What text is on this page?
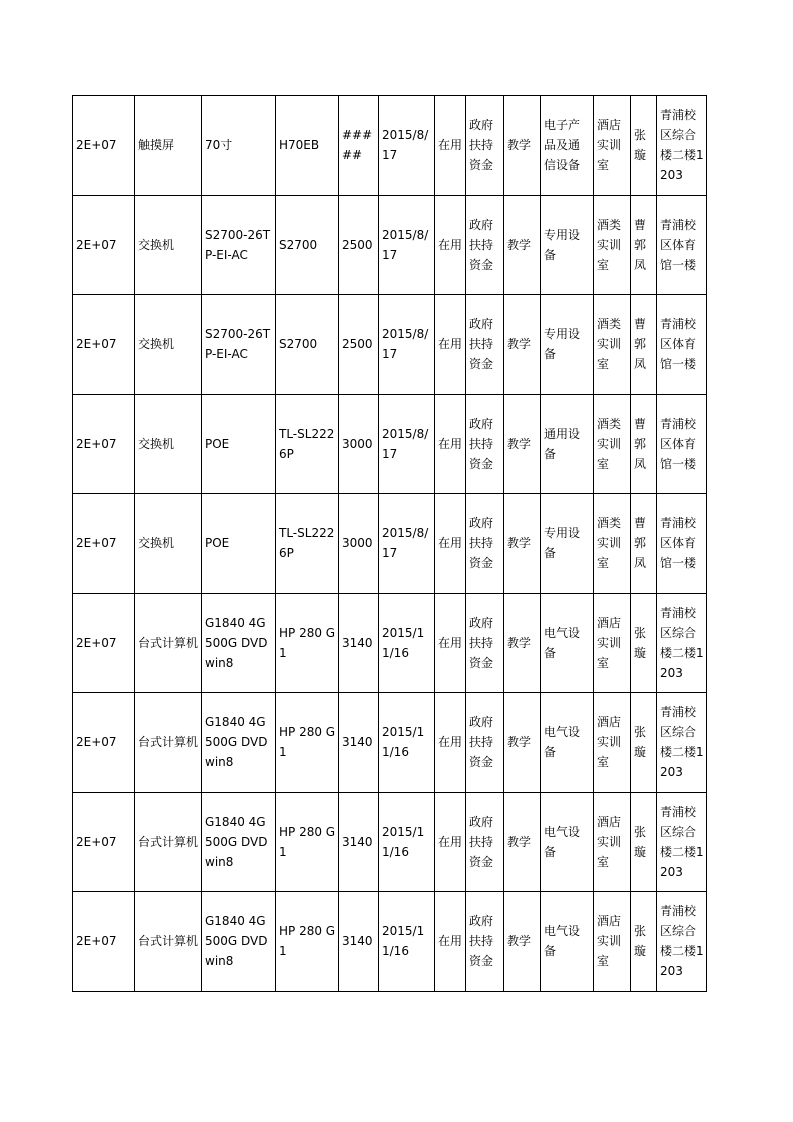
2E+07	触摸屏	70寸	H70EB	#####	2015/8/17	在用	政府扶持资金	教学	电子产品及通信设备	酒店实训室	张璇	青浦校区综合楼二楼1203
2E+07	交换机	S2700-26TP-EI-AC	S2700	2500	2015/8/17	在用	政府扶持资金	教学	专用设备	酒类实训室	曹郭凤	青浦校区体育馆一楼
2E+07	交换机	S2700-26TP-EI-AC	S2700	2500	2015/8/17	在用	政府扶持资金	教学	专用设备	酒类实训室	曹郭凤	青浦校区体育馆一楼
2E+07	交换机	POE	TL-SL2226P	3000	2015/8/17	在用	政府扶持资金	教学	通用设备	酒类实训室	曹郭凤	青浦校区体育馆一楼
2E+07	交换机	POE	TL-SL2226P	3000	2015/8/17	在用	政府扶持资金	教学	专用设备	酒类实训室	曹郭凤	青浦校区体育馆一楼
2E+07	台式计算机	G1840 4G 500G DVD win8	HP 280 G1	3140	2015/11/16	在用	政府扶持资金	教学	电气设备	酒店实训室	张璇	青浦校区综合楼二楼1203
2E+07	台式计算机	G1840 4G 500G DVD win8	HP 280 G1	3140	2015/11/16	在用	政府扶持资金	教学	电气设备	酒店实训室	张璇	青浦校区综合楼二楼1203
2E+07	台式计算机	G1840 4G 500G DVD win8	HP 280 G1	3140	2015/11/16	在用	政府扶持资金	教学	电气设备	酒店实训室	张璇	青浦校区综合楼二楼1203
2E+07	台式计算机	G1840 4G 500G DVD win8	HP 280 G1	3140	2015/11/16	在用	政府扶持资金	教学	电气设备	酒店实训室	张璇	青浦校区综合楼二楼1203
